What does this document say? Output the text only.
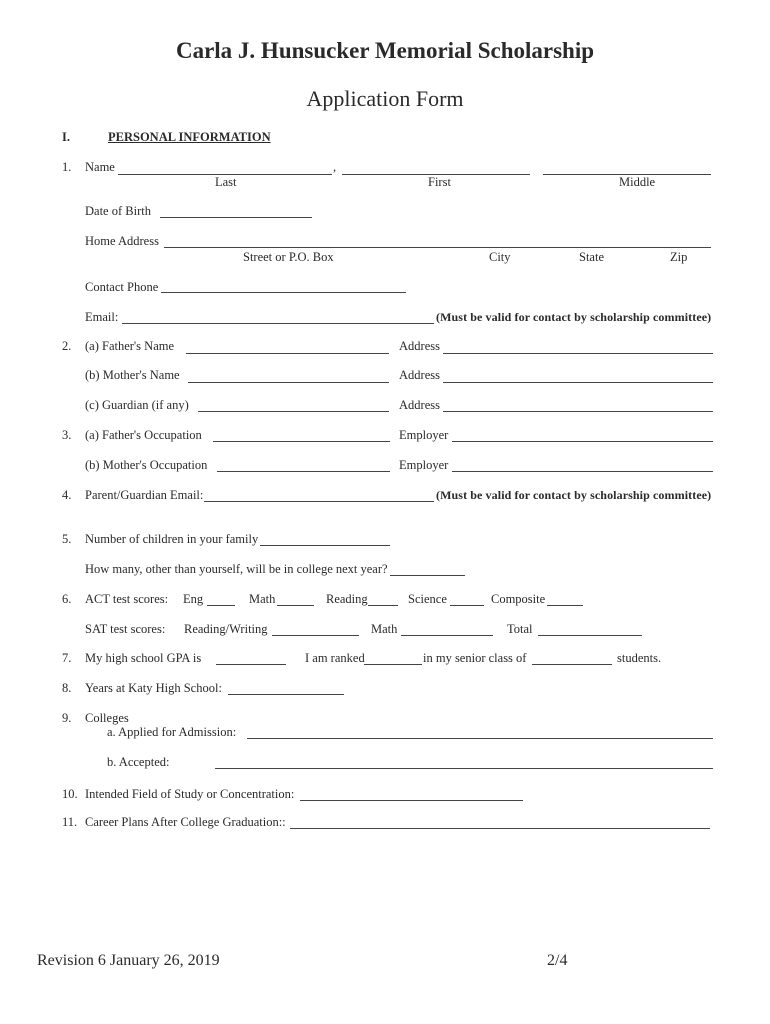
Carla J. Hunsucker Memorial Scholarship
Application Form
I.	PERSONAL INFORMATION
1. Name	,
Last	First	Middle
Date of Birth
Home Address
Street or P.O. Box	City	State	Zip
Contact Phone
Email:	(Must be valid for contact by scholarship committee)
2. (a) Father's Name	Address
(b) Mother's Name	Address
(c) Guardian (if any)	Address
3. (a) Father's Occupation	Employer
(b) Mother's Occupation	Employer
4. Parent/Guardian Email:	(Must be valid for contact by scholarship committee)
5. Number of children in your family
How many, other than yourself, will be in college next year?
6. ACT test scores: Eng	Math	Reading	Science	Composite
SAT test scores: Reading/Writing	Math	Total
7. My high school GPA is	I am ranked	in my senior class of	students.
8. Years at Katy High School:
9. Colleges
a. Applied for Admission:
b. Accepted:
10. Intended Field of Study or Concentration:
11. Career Plans After College Graduation::
Revision 6 January 26, 2019	2/4
